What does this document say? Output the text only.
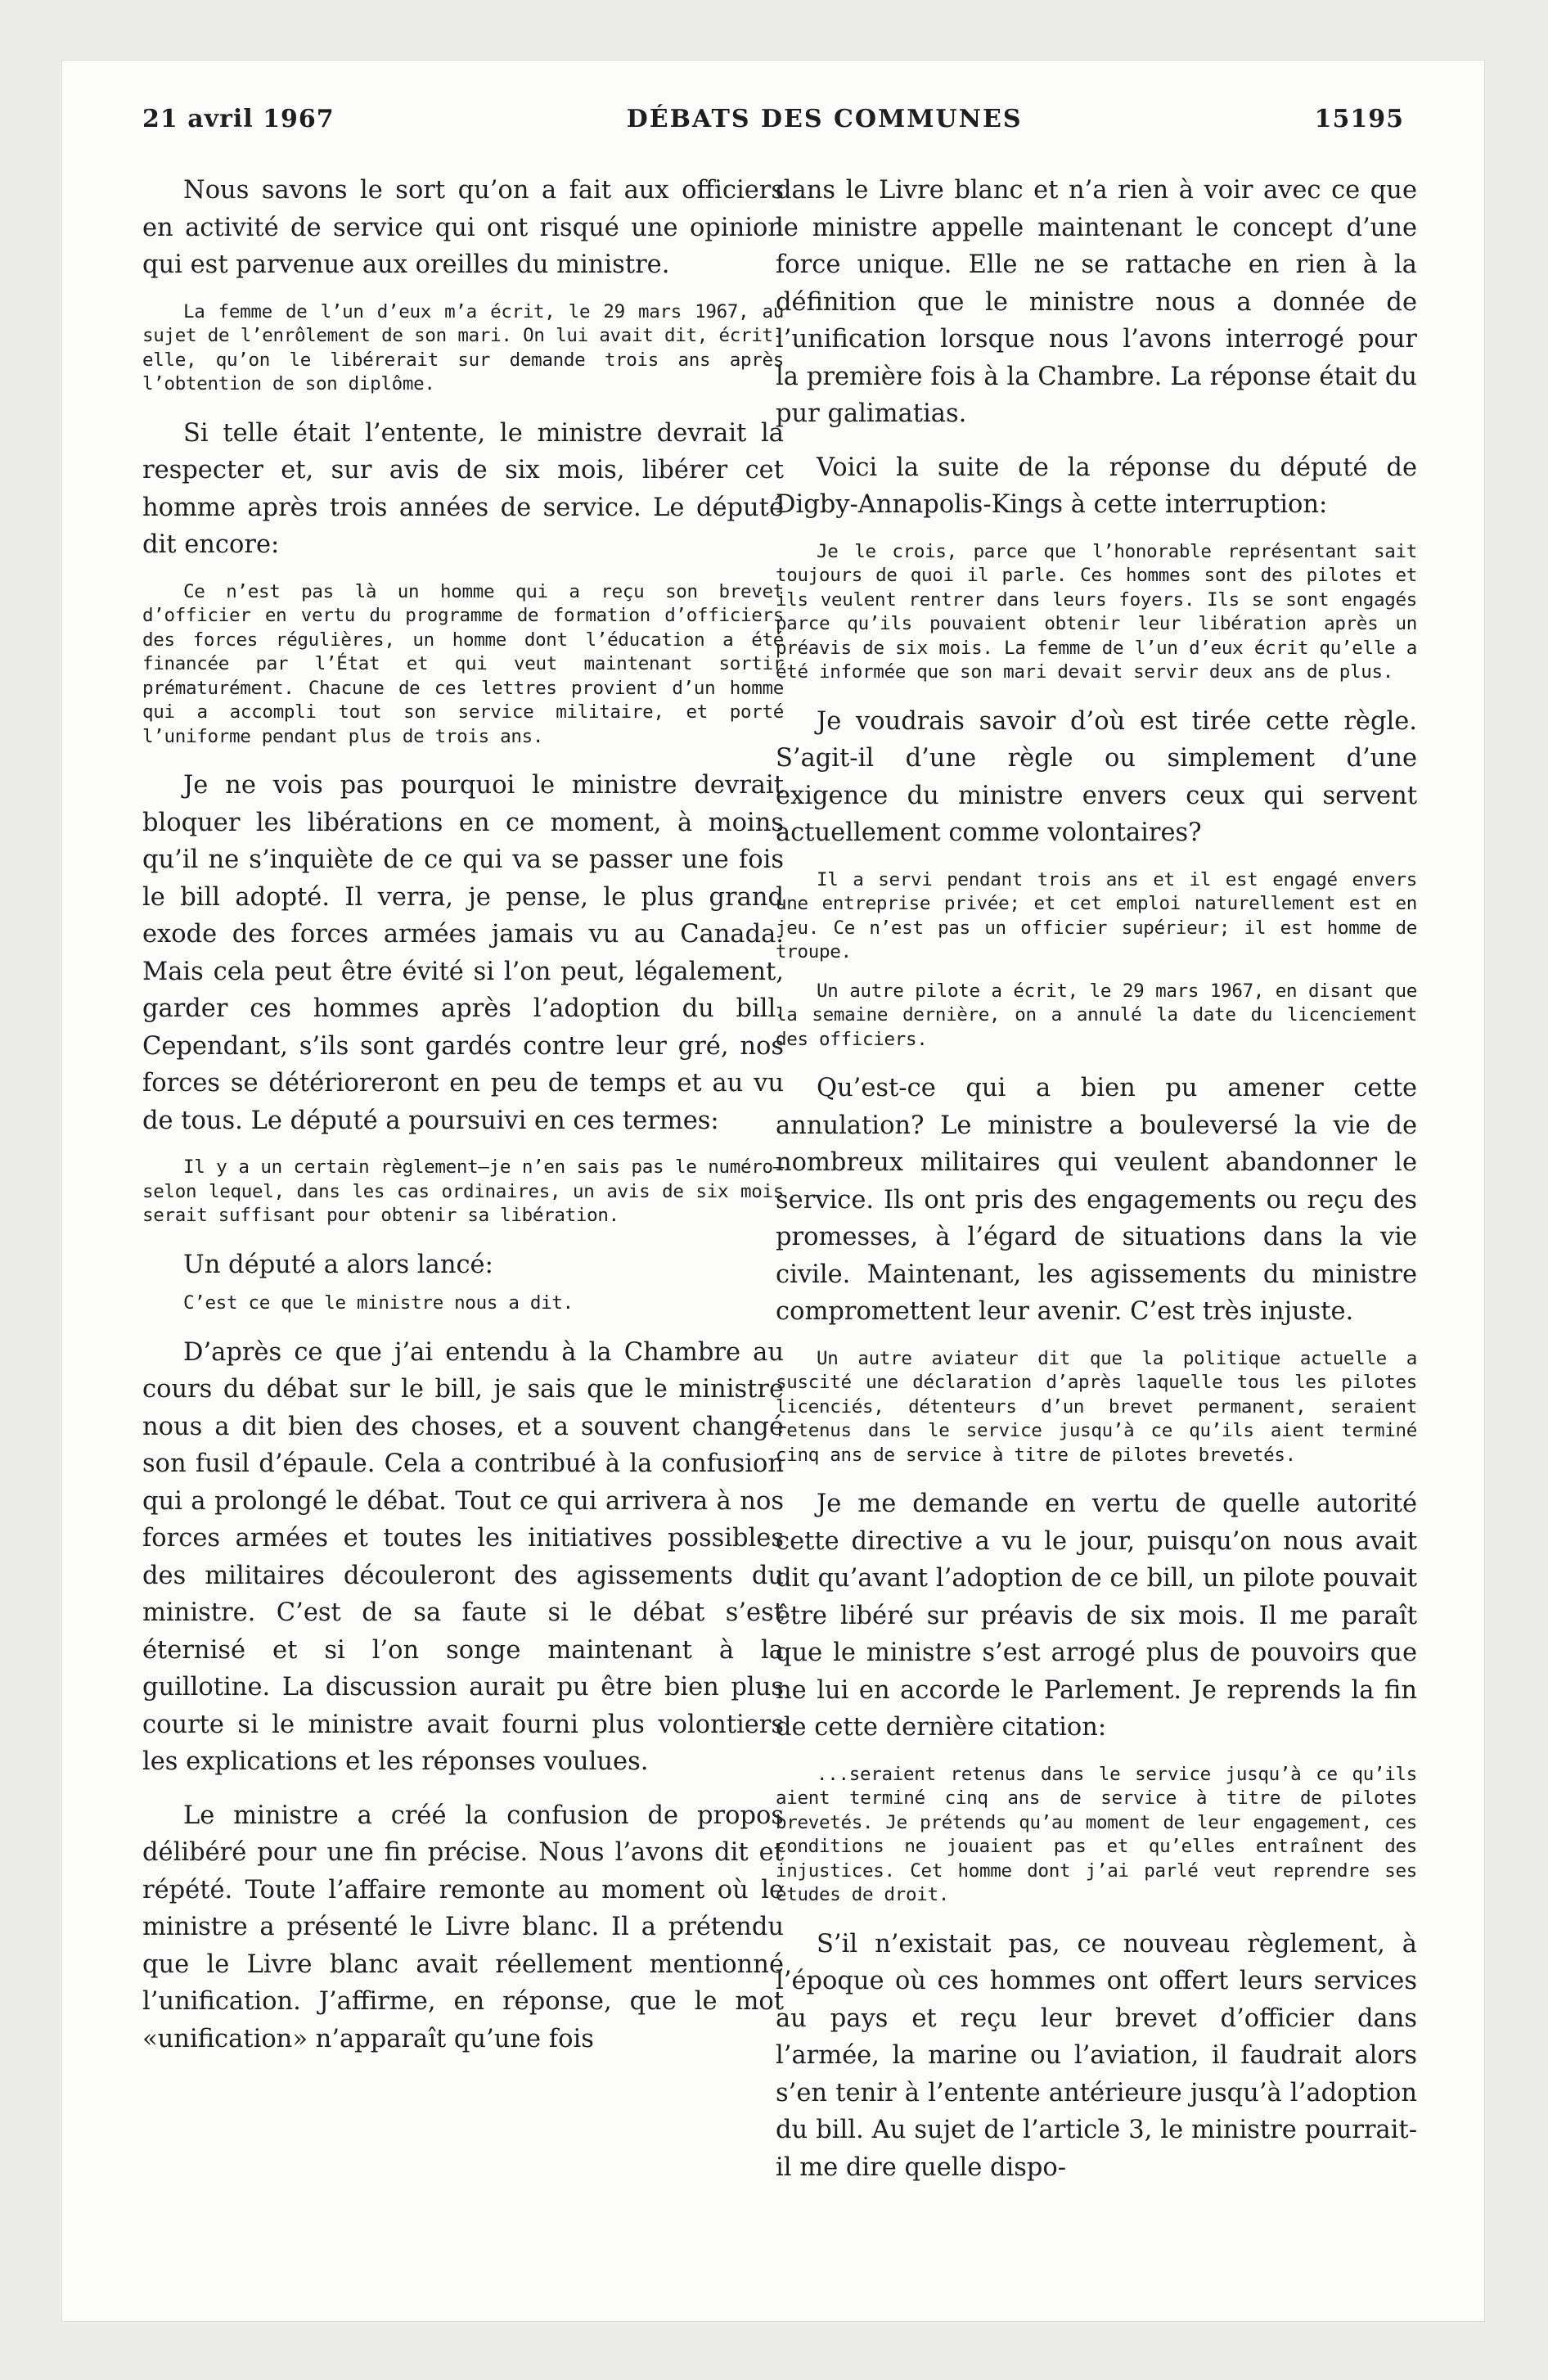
21 avril 1967	DÉBATS DES COMMUNES	15195

Nous savons le sort qu’on a fait aux officiers en activité de service qui ont risqué une opinion qui est parvenue aux oreilles du ministre.

La femme de l’un d’eux m’a écrit, le 29 mars 1967, au sujet de l’enrôlement de son mari. On lui avait dit, écrit-elle, qu’on le libérerait sur demande trois ans après l’obtention de son diplôme.

Si telle était l’entente, le ministre devrait la respecter et, sur avis de six mois, libérer cet homme après trois années de service. Le député dit encore:

Ce n’est pas là un homme qui a reçu son brevet d’officier en vertu du programme de formation d’officiers des forces régulières, un homme dont l’éducation a été financée par l’État et qui veut maintenant sortir prématurément. Chacune de ces lettres provient d’un homme qui a accompli tout son service militaire, et porté l’uniforme pendant plus de trois ans.

Je ne vois pas pourquoi le ministre devrait bloquer les libérations en ce moment, à moins qu’il ne s’inquiète de ce qui va se passer une fois le bill adopté. Il verra, je pense, le plus grand exode des forces armées jamais vu au Canada. Mais cela peut être évité si l’on peut, légalement, garder ces hommes après l’adoption du bill. Cependant, s’ils sont gardés contre leur gré, nos forces se détérioreront en peu de temps et au vu de tous. Le député a poursuivi en ces termes:

Il y a un certain règlement—je n’en sais pas le numéro—selon lequel, dans les cas ordinaires, un avis de six mois serait suffisant pour obtenir sa libération.

Un député a alors lancé:

C’est ce que le ministre nous a dit.

D’après ce que j’ai entendu à la Chambre au cours du débat sur le bill, je sais que le ministre nous a dit bien des choses, et a souvent changé son fusil d’épaule. Cela a contribué à la confusion qui a prolongé le débat. Tout ce qui arrivera à nos forces armées et toutes les initiatives possibles des militaires découleront des agissements du ministre. C’est de sa faute si le débat s’est éternisé et si l’on songe maintenant à la guillotine. La discussion aurait pu être bien plus courte si le ministre avait fourni plus volontiers les explications et les réponses voulues.

Le ministre a créé la confusion de propos délibéré pour une fin précise. Nous l’avons dit et répété. Toute l’affaire remonte au moment où le ministre a présenté le Livre blanc. Il a prétendu que le Livre blanc avait réellement mentionné l’unification. J’affirme, en réponse, que le mot «unification» n’apparaît qu’une fois

dans le Livre blanc et n’a rien à voir avec ce que le ministre appelle maintenant le concept d’une force unique. Elle ne se rattache en rien à la définition que le ministre nous a donnée de l’unification lorsque nous l’avons interrogé pour la première fois à la Chambre. La réponse était du pur galimatias.

Voici la suite de la réponse du député de Digby-Annapolis-Kings à cette interruption:

Je le crois, parce que l’honorable représentant sait toujours de quoi il parle. Ces hommes sont des pilotes et ils veulent rentrer dans leurs foyers. Ils se sont engagés parce qu’ils pouvaient obtenir leur libération après un préavis de six mois. La femme de l’un d’eux écrit qu’elle a été informée que son mari devait servir deux ans de plus.

Je voudrais savoir d’où est tirée cette règle. S’agit-il d’une règle ou simplement d’une exigence du ministre envers ceux qui servent actuellement comme volontaires?

Il a servi pendant trois ans et il est engagé envers une entreprise privée; et cet emploi naturellement est en jeu. Ce n’est pas un officier supérieur; il est homme de troupe.

Un autre pilote a écrit, le 29 mars 1967, en disant que la semaine dernière, on a annulé la date du licenciement des officiers.

Qu’est-ce qui a bien pu amener cette annulation? Le ministre a bouleversé la vie de nombreux militaires qui veulent abandonner le service. Ils ont pris des engagements ou reçu des promesses, à l’égard de situations dans la vie civile. Maintenant, les agissements du ministre compromettent leur avenir. C’est très injuste.

Un autre aviateur dit que la politique actuelle a suscité une déclaration d’après laquelle tous les pilotes licenciés, détenteurs d’un brevet permanent, seraient retenus dans le service jusqu’à ce qu’ils aient terminé cinq ans de service à titre de pilotes brevetés.

Je me demande en vertu de quelle autorité cette directive a vu le jour, puisqu’on nous avait dit qu’avant l’adoption de ce bill, un pilote pouvait être libéré sur préavis de six mois. Il me paraît que le ministre s’est arrogé plus de pouvoirs que ne lui en accorde le Parlement. Je reprends la fin de cette dernière citation:

...seraient retenus dans le service jusqu’à ce qu’ils aient terminé cinq ans de service à titre de pilotes brevetés. Je prétends qu’au moment de leur engagement, ces conditions ne jouaient pas et qu’elles entraînent des injustices. Cet homme dont j’ai parlé veut reprendre ses études de droit.

S’il n’existait pas, ce nouveau règlement, à l’époque où ces hommes ont offert leurs services au pays et reçu leur brevet d’officier dans l’armée, la marine ou l’aviation, il faudrait alors s’en tenir à l’entente antérieure jusqu’à l’adoption du bill. Au sujet de l’article 3, le ministre pourrait-il me dire quelle dispo-
